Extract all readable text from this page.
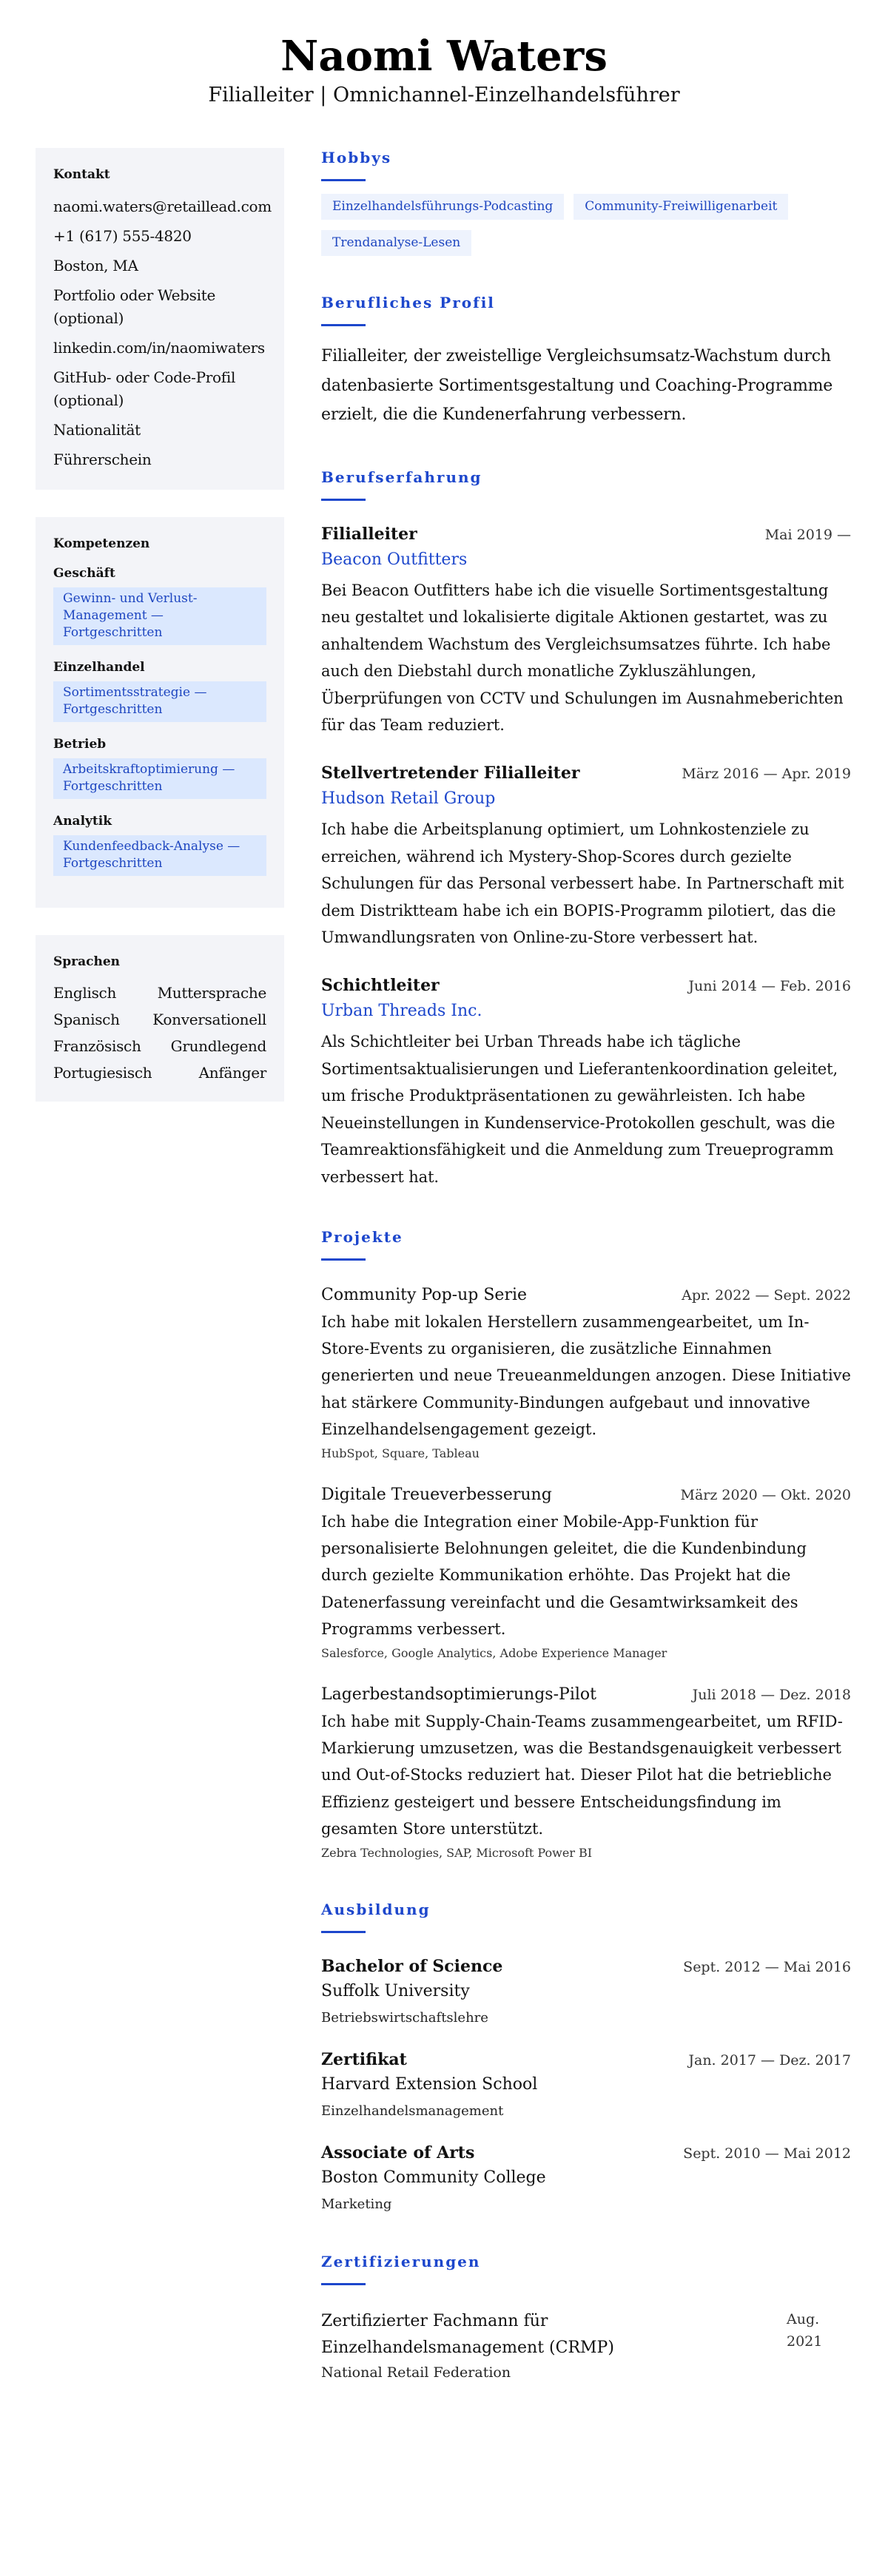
Naomi Waters
Filialleiter | Omnichannel-Einzelhandelsführer
Kontakt
naomi.waters@retaillead.com
+1 (617) 555-4820
Boston, MA
Portfolio oder Website (optional)
linkedin.com/in/naomiwaters
GitHub- oder Code-Profil (optional)
Nationalität
Führerschein
Kompetenzen
Geschäft
Gewinn- und Verlust-Management — Fortgeschritten
Einzelhandel
Sortimentsstrategie — Fortgeschritten
Betrieb
Arbeitskraftoptimierung — Fortgeschritten
Analytik
Kundenfeedback-Analyse — Fortgeschritten
Sprachen
Englisch	Muttersprache
Spanisch Konversationell
Französisch Grundlegend
Portugiesisch	Anfänger
Hobbys
Einzelhandelsführungs-Podcasting	Community-Freiwilligenarbeit
Trendanalyse-Lesen
Berufliches Profil

Filialleiter, der zweistellige Vergleichsumsatz-Wachstum durch datenbasierte Sortimentsgestaltung und Coaching-Programme erzielt, die die Kundenerfahrung verbessern.

Berufserfahrung
Filialleiter	Mai 2019 —
Beacon Outfitters

Bei Beacon Outfitters habe ich die visuelle Sortimentsgestaltung neu gestaltet und lokalisierte digitale Aktionen gestartet, was zu anhaltendem Wachstum des Vergleichsumsatzes führte. Ich habe auch den Diebstahl durch monatliche Zykluszählungen, Überprüfungen von CCTV und Schulungen im Ausnahmeberichten für das Team reduziert.

Stellvertretender Filialleiter	März 2016 — Apr. 2019
Hudson Retail Group

Ich habe die Arbeitsplanung optimiert, um Lohnkostenziele zu erreichen, während ich Mystery-Shop-Scores durch gezielte Schulungen für das Personal verbessert habe. In Partnerschaft mit dem Distriktteam habe ich ein BOPIS-Programm pilotiert, das die Umwandlungsraten von Online-zu-Store verbessert hat.

Schichtleiter	Juni 2014 — Feb. 2016
Urban Threads Inc.

Als Schichtleiter bei Urban Threads habe ich tägliche Sortimentsaktualisierungen und Lieferantenkoordination geleitet, um frische Produktpräsentationen zu gewährleisten. Ich habe Neueinstellungen in Kundenservice-Protokollen geschult, was die Teamreaktionsfähigkeit und die Anmeldung zum Treueprogramm verbessert hat.

Projekte
Community Pop-up Serie	Apr. 2022 — Sept. 2022

Ich habe mit lokalen Herstellern zusammengearbeitet, um In-Store-Events zu organisieren, die zusätzliche Einnahmen generierten und neue Treueanmeldungen anzogen. Diese Initiative hat stärkere Community-Bindungen aufgebaut und innovative Einzelhandelsengagement gezeigt.

HubSpot, Square, Tableau
Digitale Treueverbesserung	März 2020 — Okt. 2020

Ich habe die Integration einer Mobile-App-Funktion für personalisierte Belohnungen geleitet, die die Kundenbindung durch gezielte Kommunikation erhöhte. Das Projekt hat die Datenerfassung vereinfacht und die Gesamtwirksamkeit des Programms verbessert.

Salesforce, Google Analytics, Adobe Experience Manager
Lagerbestandsoptimierungs-Pilot	Juli 2018 — Dez. 2018

Ich habe mit Supply-Chain-Teams zusammengearbeitet, um RFID-Markierung umzusetzen, was die Bestandsgenauigkeit verbessert und Out-of-Stocks reduziert hat. Dieser Pilot hat die betriebliche Effizienz gesteigert und bessere Entscheidungsfindung im gesamten Store unterstützt.

Zebra Technologies, SAP, Microsoft Power BI
Ausbildung
Bachelor of Science	Sept. 2012 — Mai 2016
Suffolk University
Betriebswirtschaftslehre
Zertifikat	Jan. 2017 — Dez. 2017
Harvard Extension School
Einzelhandelsmanagement
Associate of Arts	Sept. 2010 — Mai 2012
Boston Community College
Marketing
Zertifizierungen
Zertifizierter Fachmann für Einzelhandelsmanagement (CRMP)
National Retail Federation
Aug. 2021
